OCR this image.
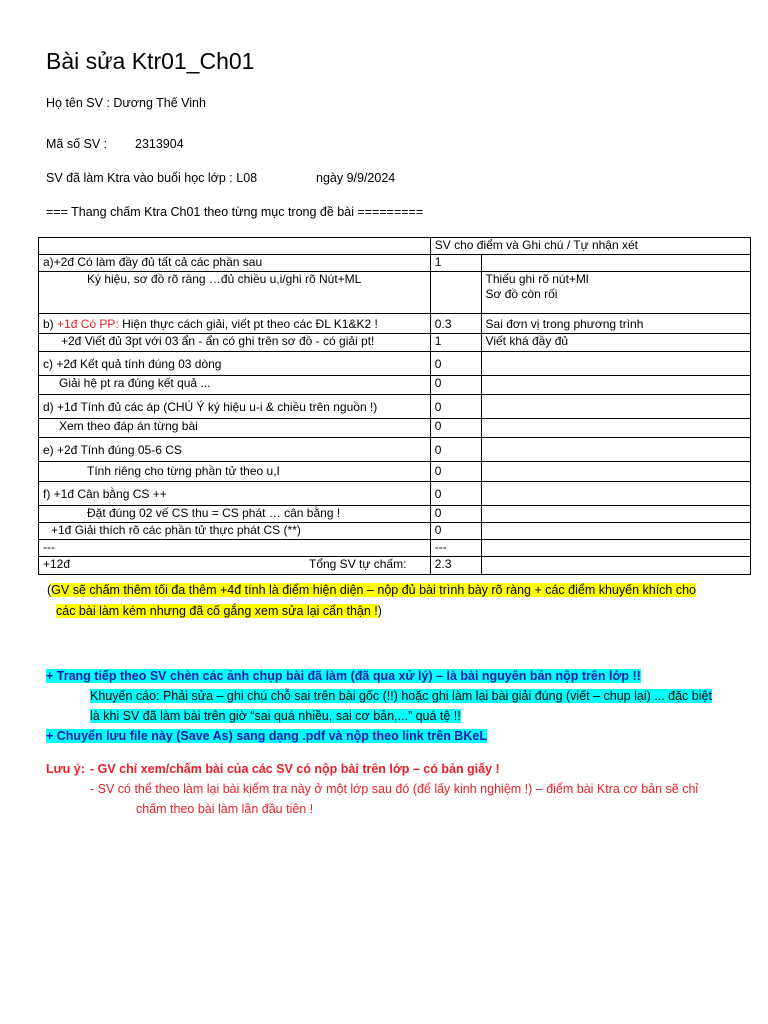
Bài sửa Ktr01_Ch01
Họ tên SV : Dương Thế Vinh
Mã số SV : 2313904
SV đã làm Ktra vào buổi học lớp : L08	ngày 9/9/2024
=== Thang chấm Ktra Ch01 theo từng mục trong đề bài =========
	SV cho điểm và Ghi chú / Tự nhận xét	
a)+2đ Có làm đầy đủ tất cả các phần sau	1	
Ký hiệu, sơ đồ rõ ràng …đủ chiều u,i/ghi rõ Nút+ML		Thiếu ghi rõ nút+Ml
Sơ đồ còn rối

b) +1đ Có PP: Hiện thực cách giải, viết pt theo các ĐL K1&K2 !	0.3	Sai đơn vị trong phương trình
+2đ Viết đủ 3pt với 03 ẩn - ẩn có ghi trên sơ đồ - có giải pt!	1	Viết khá đầy đủ
c) +2đ Kết quả tính đúng 03 dòng	0	
Giải hệ pt ra đúng kết quả ...	0	
d) +1đ Tính đủ các áp (CHÚ Ý ký hiệu u-i & chiều trên nguồn !)	0	
Xem theo đáp án từng bài	0	
e) +2đ Tính đúng 05-6 CS	0	
Tính riêng cho từng phần tử theo u,I	0	
f) +1đ Cân bằng CS ++	0	
Đặt đúng 02 vế CS thu = CS phát … cân bằng !	0	
+1đ Giải thích rõ các phần tử thực phát CS (**)	0	
---	---	
+12đ Tổng SV tự chấm:	2.3	
(GV sẽ chấm thêm tối đa thêm +4đ tính là điểm hiện diện – nộp đủ bài trình bày rõ ràng + các điểm khuyến khích cho
các bài làm kém nhưng đã cố gắng xem sửa lại cẩn thận !)
+ Trang tiếp theo SV chèn các ảnh chụp bài đã làm (đã qua xử lý) – là bài nguyên bản nộp trên lớp !!
Khuyến cáo: Phải sửa – ghi chú chỗ sai trên bài gốc (!!) hoặc ghi làm lại bài giải đúng (viết – chụp lại) ... đặc biệt
là khi SV đã làm bài trên giờ “sai quá nhiều, sai cơ bản,...” quá tệ !!
+ Chuyển lưu file này (Save As) sang dạng .pdf và nộp theo link trên BKeL
Lưu ý: - GV chỉ xem/chấm bài của các SV có nộp bài trên lớp – có bản giấy !
- SV có thể theo làm lại bài kiểm tra này ở một lớp sau đó (để lấy kinh nghiệm !) – điểm bài Ktra cơ bản sẽ chỉ
chấm theo bài làm lần đầu tiên !
